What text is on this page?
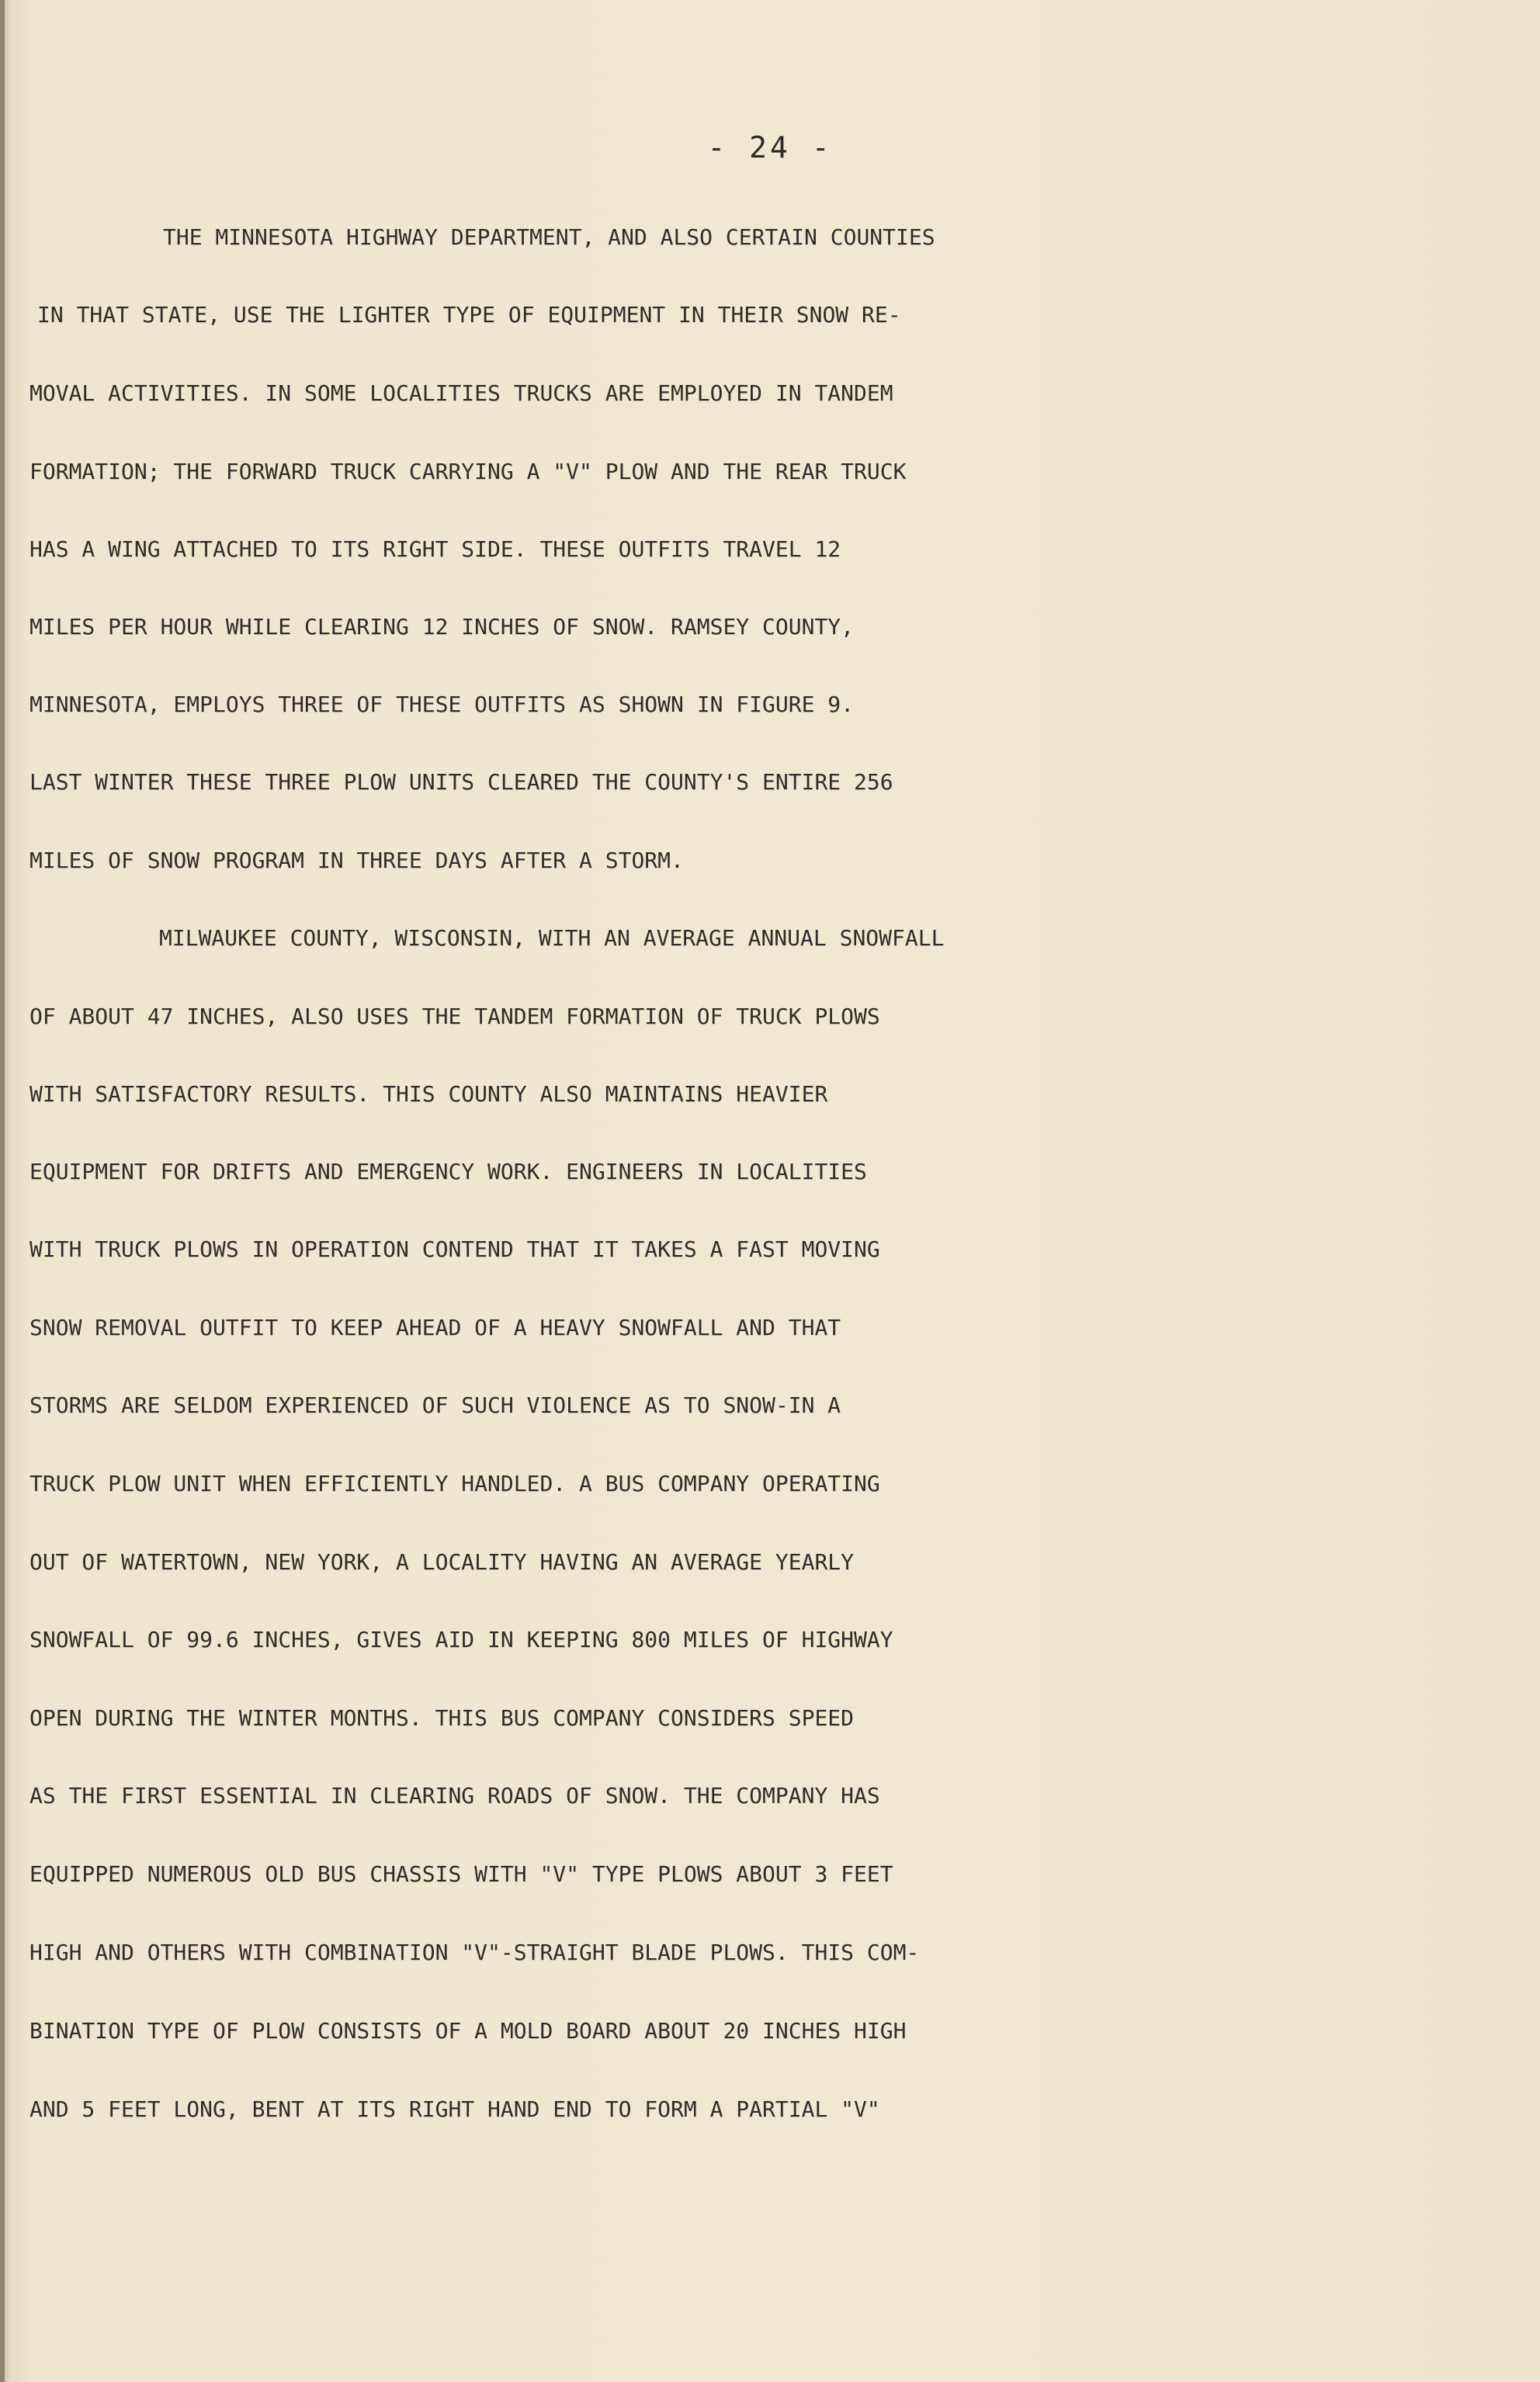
- 24 -
THE MINNESOTA HIGHWAY DEPARTMENT, AND ALSO CERTAIN COUNTIES
IN THAT STATE, USE THE LIGHTER TYPE OF EQUIPMENT IN THEIR SNOW RE-
MOVAL ACTIVITIES. IN SOME LOCALITIES TRUCKS ARE EMPLOYED IN TANDEM
FORMATION; THE FORWARD TRUCK CARRYING A "V" PLOW AND THE REAR TRUCK
HAS A WING ATTACHED TO ITS RIGHT SIDE. THESE OUTFITS TRAVEL 12
MILES PER HOUR WHILE CLEARING 12 INCHES OF SNOW. RAMSEY COUNTY,
MINNESOTA, EMPLOYS THREE OF THESE OUTFITS AS SHOWN IN FIGURE 9.
LAST WINTER THESE THREE PLOW UNITS CLEARED THE COUNTY'S ENTIRE 256
MILES OF SNOW PROGRAM IN THREE DAYS AFTER A STORM.
MILWAUKEE COUNTY, WISCONSIN, WITH AN AVERAGE ANNUAL SNOWFALL
OF ABOUT 47 INCHES, ALSO USES THE TANDEM FORMATION OF TRUCK PLOWS
WITH SATISFACTORY RESULTS. THIS COUNTY ALSO MAINTAINS HEAVIER
EQUIPMENT FOR DRIFTS AND EMERGENCY WORK. ENGINEERS IN LOCALITIES
WITH TRUCK PLOWS IN OPERATION CONTEND THAT IT TAKES A FAST MOVING
SNOW REMOVAL OUTFIT TO KEEP AHEAD OF A HEAVY SNOWFALL AND THAT
STORMS ARE SELDOM EXPERIENCED OF SUCH VIOLENCE AS TO SNOW-IN A
TRUCK PLOW UNIT WHEN EFFICIENTLY HANDLED. A BUS COMPANY OPERATING
OUT OF WATERTOWN, NEW YORK, A LOCALITY HAVING AN AVERAGE YEARLY
SNOWFALL OF 99.6 INCHES, GIVES AID IN KEEPING 800 MILES OF HIGHWAY
OPEN DURING THE WINTER MONTHS. THIS BUS COMPANY CONSIDERS SPEED
AS THE FIRST ESSENTIAL IN CLEARING ROADS OF SNOW. THE COMPANY HAS
EQUIPPED NUMEROUS OLD BUS CHASSIS WITH "V" TYPE PLOWS ABOUT 3 FEET
HIGH AND OTHERS WITH COMBINATION "V"-STRAIGHT BLADE PLOWS. THIS COM-
BINATION TYPE OF PLOW CONSISTS OF A MOLD BOARD ABOUT 20 INCHES HIGH
AND 5 FEET LONG, BENT AT ITS RIGHT HAND END TO FORM A PARTIAL "V"
